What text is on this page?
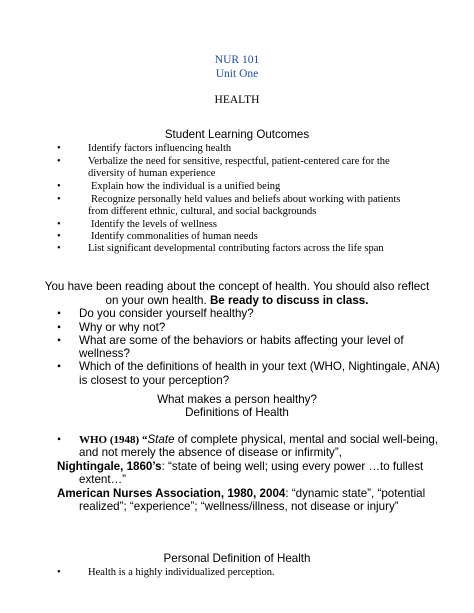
NUR 101
Unit One
HEALTH
Student Learning Outcomes
•	Identify factors influencing health
•	Verbalize the need for sensitive, respectful, patient-centered care for the
diversity of human experience
•	Explain how the individual is a unified being
•	Recognize personally held values and beliefs about working with patients
from different ethnic, cultural, and social backgrounds
•	Identify the levels of wellness
•	Identify commonalities of human needs
•	List significant developmental contributing factors across the life span
You have been reading about the concept of health. You should also reflect
on your own health. Be ready to discuss in class.
• Do you consider yourself healthy?
• Why or why not?
• What are some of the behaviors or habits affecting your level of
wellness?
• Which of the definitions of health in your text (WHO, Nightingale, ANA)
is closest to your perception?
What makes a person healthy?
Definitions of Health
• WHO (1948) “State of complete physical, mental and social well-being,
and not merely the absence of disease or infirmity”,
Nightingale, 1860’s: “state of being well; using every power …to fullest
extent…”
American Nurses Association, 1980, 2004: “dynamic state”, “potential
realized”; “experience”; “wellness/illness, not disease or injury”
Personal Definition of Health
•	Health is a highly individualized perception.
